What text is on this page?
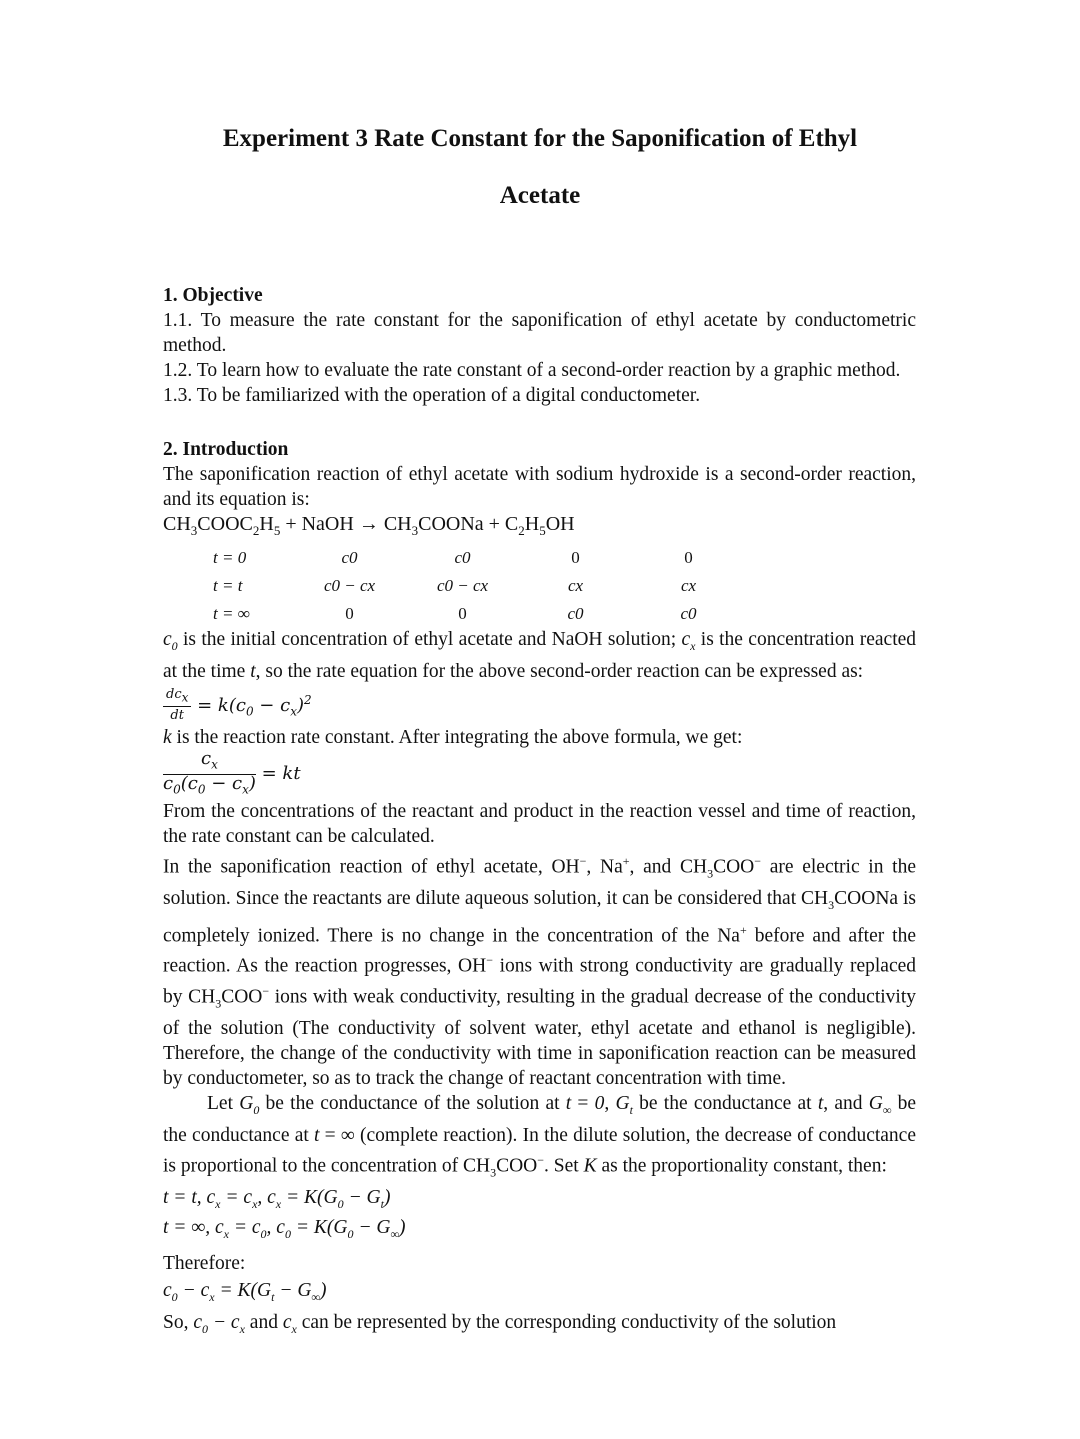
Experiment 3 Rate Constant for the Saponification of Ethyl
Acetate

1. Objective

1.1. To measure the rate constant for the saponification of ethyl acetate by conductometric method.

1.2. To learn how to evaluate the rate constant of a second-order reaction by a graphic method.

1.3. To be familiarized with the operation of a digital conductometer.

2. Introduction

The saponification reaction of ethyl acetate with sodium hydroxide is a second-order reaction, and its equation is:

$CH_3COOC_2H_5$ + NaOH → $CH_3COONa + C_2H_5OH$

t = 0	c0	c0	0	0
t = t	c0 − cx	c0 − cx	cx	cx
t = ∞	0	0	c0	c0

$c_0$ is the initial concentration of ethyl acetate and NaOH solution; $c_x$ is the concentration reacted at the time t, so the rate equation for the above second-order reaction can be expressed as:

$\frac{dc_x}{dt} = k(c_0 - c_x)^2$

k is the reaction rate constant. After integrating the above formula, we get:

$\frac{c_x}{c_0(c_0 - c_x)}$ = kt

From the concentrations of the reactant and product in the reaction vessel and time of reaction, the rate constant can be calculated.

In the saponification reaction of ethyl acetate, OH−, Na+, and $CH_3COO^-$ are electric in the solution. Since the reactants are dilute aqueous solution, it can be considered that $CH_3COONa$ is completely ionized. There is no change in the concentration of the Na+ before and after the reaction. As the reaction progresses, OH− ions with strong conductivity are gradually replaced by $CH_3COO^-$ ions with weak conductivity, resulting in the gradual decrease of the conductivity of the solution (The conductivity of solvent water, ethyl acetate and ethanol is negligible). Therefore, the change of the conductivity with time in saponification reaction can be measured by conductometer, so as to track the change of reactant concentration with time.

Let $G_0$ be the conductance of the solution at t = 0, $G_t$ be the conductance at t, and $G_\infty$ be the conductance at t = ∞ (complete reaction). In the dilute solution, the decrease of conductance is proportional to the concentration of $CH_3COO^-$. Set K as the proportionality constant, then:

t = t, $c_x = c_x$, $c_x = K(G_0 - G_t)$

t = ∞, $c_x = c_0$, $c_0 = K(G_0 - G_\infty)$

Therefore:

$c_0 - c_x = K(G_t - G_\infty)$

So, $c_0 - c_x$ and $c_x$ can be represented by the corresponding conductivity of the solution
